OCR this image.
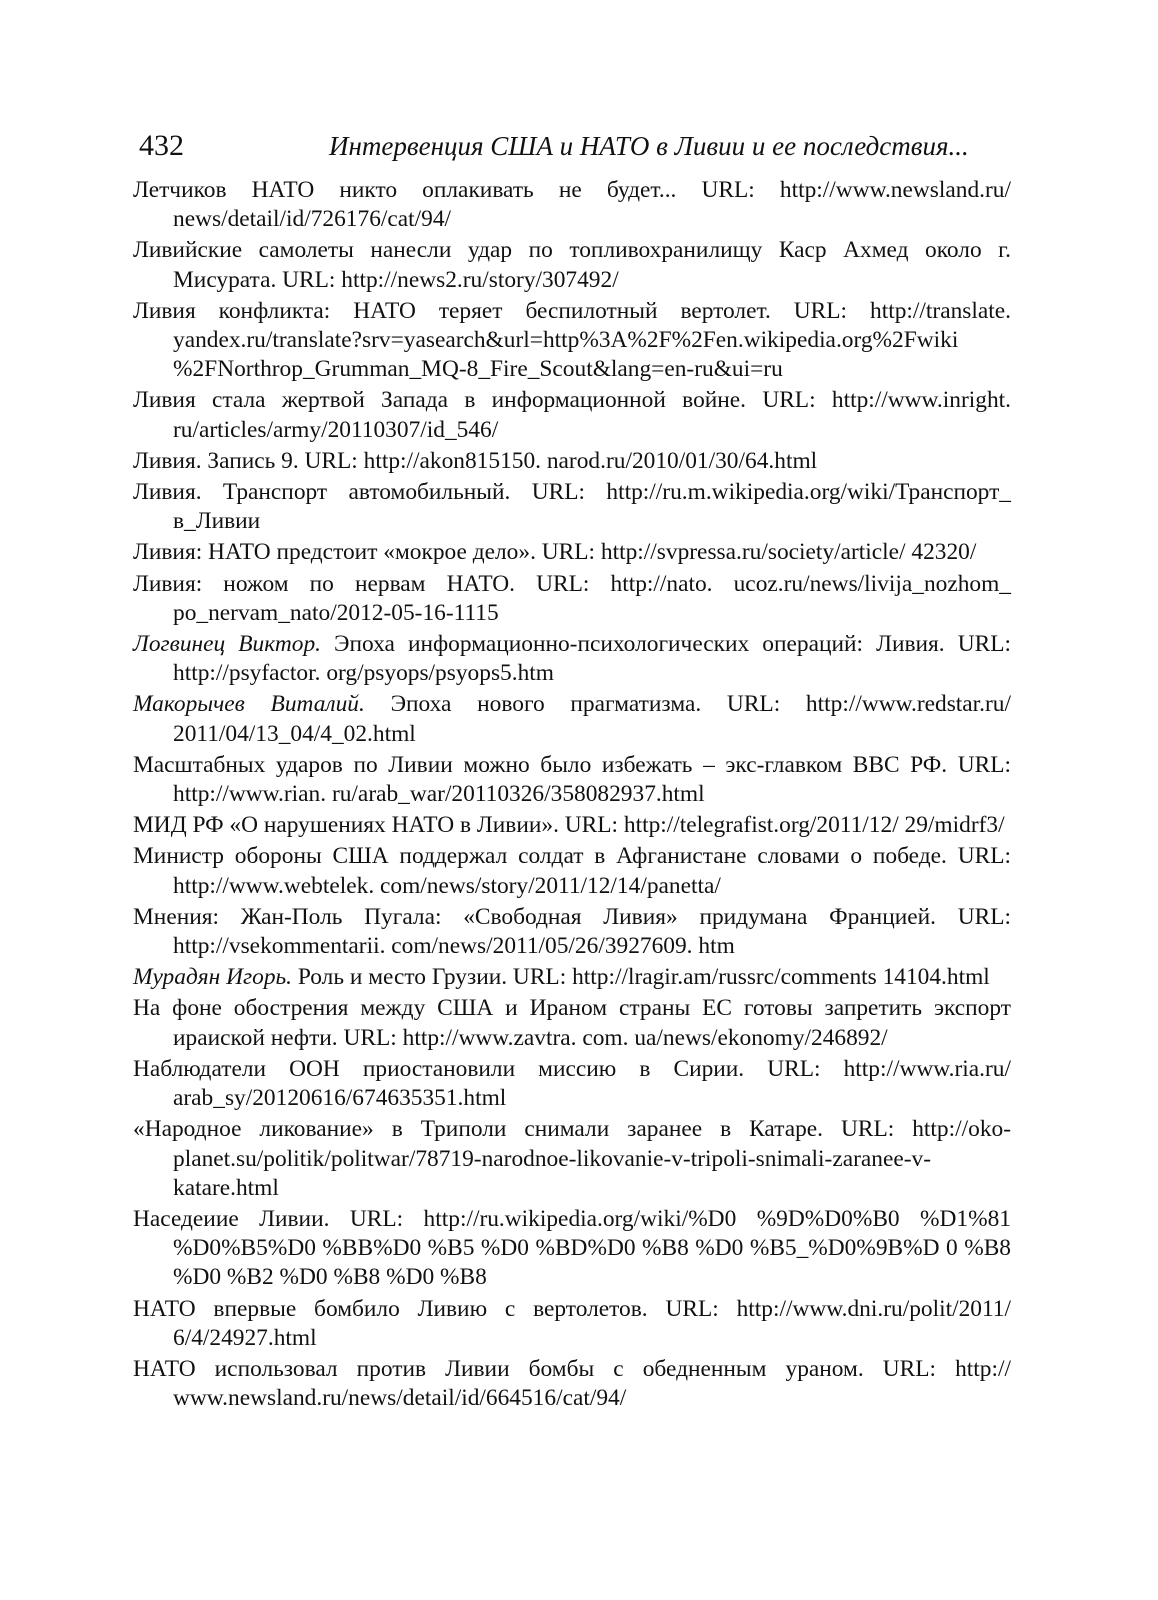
432	Интервенция США и НАТО в Ливии и ее последствия...

Летчиков НАТО никто оплакивать не будет... URL: http://www.newsland.ru/ news/detail/id/726176/cat/94/

Ливийские самолеты нанесли удар по топливохранилищу Каср Ахмед около г. Мисурата. URL: http://news2.ru/story/307492/

Ливия конфликта: НАТО теряет беспилотный вертолет. URL: http://translate. yandex.ru/translate?srv=yasearch&url=http%3A%2F%2Fen.wikipedia.org%2Fwiki %2FNorthrop_Grumman_MQ-8_Fire_Scout&lang=en-ru&ui=ru

Ливия стала жертвой Запада в информационной войне. URL: http://www.inright. ru/articles/army/20110307/id_546/

Ливия. Запись 9. URL: http://akon815150. narod.ru/2010/01/30/64.html

Ливия. Транспорт автомобильный. URL: http://ru.m.wikipedia.org/wiki/Транспорт_ в_Ливии

Ливия: НАТО предстоит «мокрое дело». URL: http://svpressa.ru/society/article/ 42320/

Ливия: ножом по нервам НАТО. URL: http://nato. ucoz.ru/news/livija_nozhom_ po_nervam_nato/2012-05-16-1115

Логвинец Виктор. Эпоха информационно-психологических операций: Ливия. URL: http://psyfactor. org/psyops/psyops5.htm

Макорычев Виталий. Эпоха нового прагматизма. URL: http://www.redstar.ru/ 2011/04/13_04/4_02.html

Масштабных ударов по Ливии можно было избежать – экс-главком ВВС РФ. URL: http://www.rian. ru/arab_war/20110326/358082937.html

МИД РФ «О нарушениях НАТО в Ливии». URL: http://telegrafist.org/2011/12/ 29/midrf3/

Министр обороны США поддержал солдат в Афганистане словами о победе. URL: http://www.webtelek. com/news/story/2011/12/14/panetta/

Мнения: Жан-Поль Пугала: «Свободная Ливия» придумана Францией. URL: http://vsekommentarii. com/news/2011/05/26/3927609. htm

Мурадян Игорь. Роль и место Грузии. URL: http://lragir.am/russrc/comments 14104.html

На фоне обострения между США и Ираном страны ЕС готовы запретить экспорт ираиской нефти. URL: http://www.zavtra. com. ua/news/ekonomy/246892/

Наблюдатели ООН приостановили миссию в Сирии. URL: http://www.ria.ru/ arab_sy/20120616/674635351.html

«Народное ликование» в Триполи снимали заранее в Катаре. URL: http://oko-planet.su/politik/politwar/78719-narodnoe-likovanie-v-tripoli-snimali-zaranee-v-katare.html

Наседеиие Ливии. URL: http://ru.wikipedia.org/wiki/%D0 %9D%D0%B0 %D1%81 %D0%B5%D0 %BB%D0 %B5 %D0 %BD%D0 %B8 %D0 %B5_%D0%9B%D 0 %B8 %D0 %B2 %D0 %B8 %D0 %B8

НАТО впервые бомбило Ливию с вертолетов. URL: http://www.dni.ru/polit/2011/ 6/4/24927.html

НАТО использовал против Ливии бомбы с обедненным ураном. URL: http:// www.newsland.ru/news/detail/id/664516/cat/94/
